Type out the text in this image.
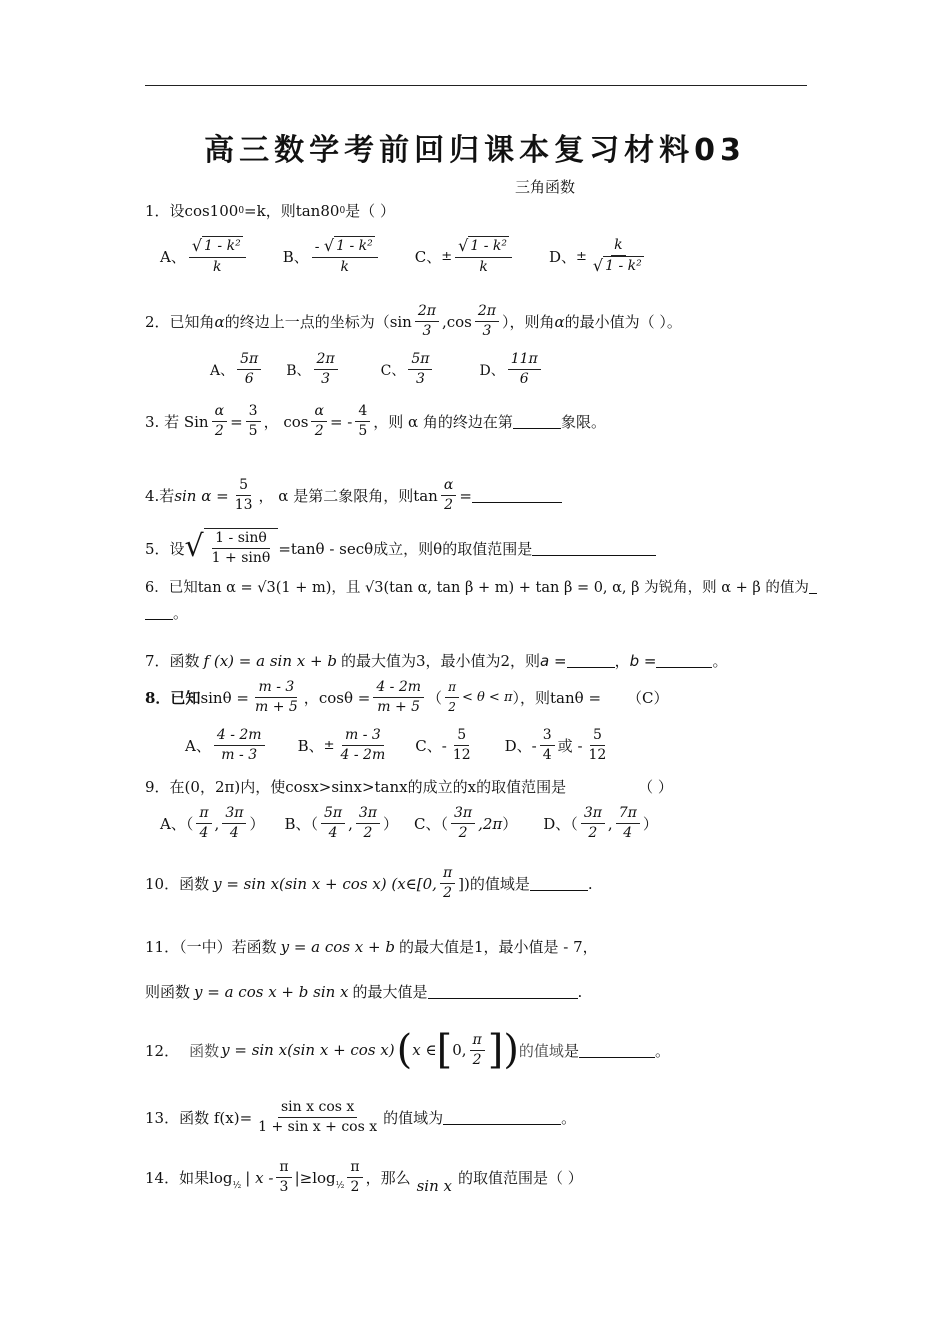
高三数学考前回归课本复习材料03
三角函数
1．设cos100 0 =k，则tan80 0 是（ ）
A、 $\frac{\text{√ 1 - k²}}{k}$ B、 $\frac{\text{- √ 1 - k²}}{k}$ C、 ± $\frac{\text{√ 1 - k²}}{k}$ D、 ± $\frac{k}{\text{√ 1 - k²}}$
2．已知角 α 的终边上一点的坐标为（$\sin \frac{2\pi}{3} ,\cos \frac{2\pi}{3}$ ），则角 α 的最小值为（ ）。
A、 $\frac{5\pi}{6}$ B、 $\frac{2\pi}{3}$	C、 $\frac{5\pi}{3}$	D、 $\frac{11\pi}{6}$
3. 若 Sin $\frac{\alpha}{2} = \frac{3}{5}$ ， $\cos \frac{\alpha}{2}$ = - $\frac{4}{5}$ ，则 α 角的终边在第	象限。
4.若 $\sin \alpha = \frac{5}{13}$ ， α 是第二象限角，则 $\tan \frac{\alpha}{2}$ =
5．设 √ $\frac{1 - \sin\theta}{1 + \sin\theta} =\tan\theta - \sec\theta$成立，则θ的取值范围是
6．已知tan α = √3(1 + m)，且 √3(tan α, tan β + m) + tan β = 0, α, β 为锐角，则 α + β 的值为
。
7．函数 f (x) = a sin x + b 的最大值为3，最小值为2，则 a =	， b =	。
8．已知 $\sin\theta = \frac{m - 3}{m + 5}$ ， $\cos\theta = \frac{4 - 2m}{m + 5}$ （ $\frac{\pi}{2} < \theta < \pi$ ），则 tanθ = （C）
A、 $\frac{4 - 2m}{m - 3}$ B、 ± $\frac{m - 3}{4 - 2m}$ C、 - $\frac{5}{12}$ D、 - $\frac{3}{4}$ 或 - $\frac{5}{12}$
9．在(0，2π)内，使cosx>sinx>tanx的成立的x的取值范围是	（ ）
A、（ $\frac{\pi}{4}$ , $\frac{3\pi}{4}$ ） B、（ $\frac{5\pi}{4}$ , $\frac{3\pi}{2}$ ） C、（ $\frac{3\pi}{2} ,2\pi$ ） D、（ $\frac{3\pi}{2}$ , $\frac{7\pi}{4}$ ）
10．函数 y = sin x(sin x + cos x) (x∈[0, $\frac{\pi}{2}$ ]) 的值域是	.
11．（一中）若函数 y = a cos x + b 的最大值是1，最小值是 - 7，
则函数 y = a cos x + b sin x 的最大值是	.
12． 函数 y = sin x(sin x + cos x) ( x ∈ [ 0, $\frac{\pi}{2}$ ] ) 的值域 是	。
13．函数 $f(x)= \frac{\text{sin x cos x}}{\text{1 + sin x + cos x}}$ 的值域为	。
14．如果 log ½ | $x - \frac{\pi}{3} |\ge\log$ ½ $\frac{\pi}{2}$ ，那么 sin x 的取值范围是（ ）
